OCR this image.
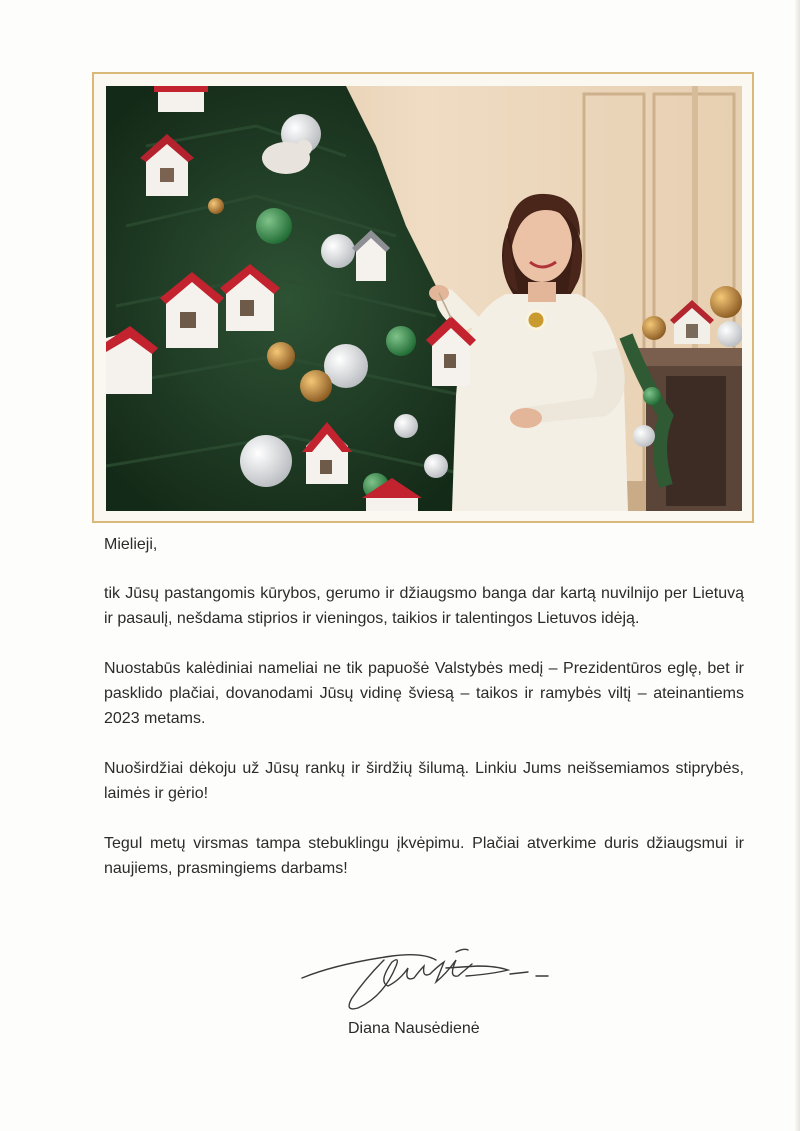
Mielieji,

tik Jūsų pastangomis kūrybos, gerumo ir džiaugsmo banga dar kartą nuvilnijo per Lietuvą ir pasaulį, nešdama stiprios ir vieningos, taikios ir talentingos Lietuvos idėją.

Nuostabūs kalėdiniai nameliai ne tik papuošė Valstybės medį – Prezidentūros eglę, bet ir pasklido plačiai, dovanodami Jūsų vidinę šviesą – taikos ir ramybės viltį – ateinantiems 2023 metams.

Nuoširdžiai dėkoju už Jūsų rankų ir širdžių šilumą. Linkiu Jums neišsemiamos stiprybės, laimės ir gėrio!

Tegul metų virsmas tampa stebuklingu įkvėpimu. Plačiai atverkime duris džiaugsmui ir naujiems, prasmingiems darbams!

Diana Nausėdienė
